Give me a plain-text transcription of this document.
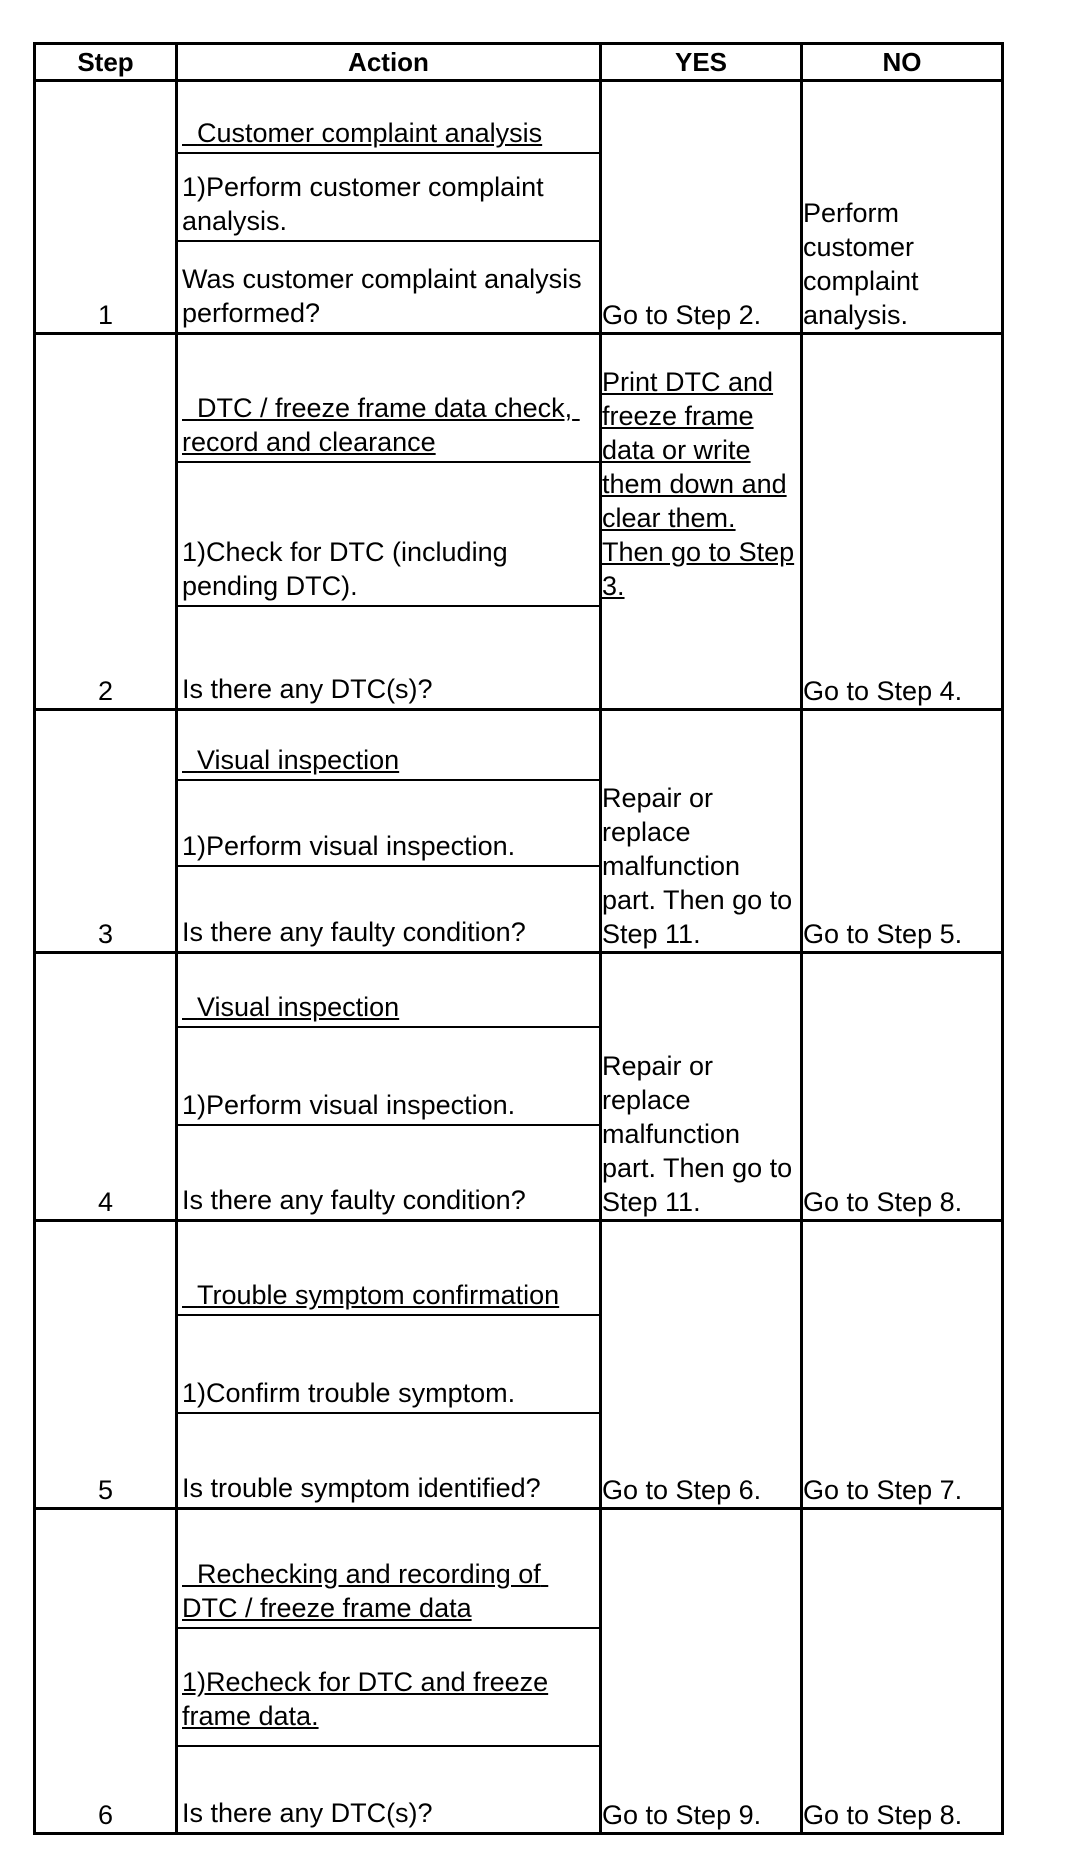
Step	Action	YES	NO
1	Customer complaint analysis
1)Perform customer complaint analysis.
Was customer complaint analysis performed?	Go to Step 2.	Perform customer complaint analysis.
2	DTC / freeze frame data check, record and clearance
1)Check for DTC (including pending DTC).
Is there any DTC(s)?	Print DTC and freeze frame data or write them down and clear them. Then go to Step 3.	Go to Step 4.
3	Visual inspection
1)Perform visual inspection.
Is there any faulty condition?	Repair or replace malfunction part. Then go to Step 11.	Go to Step 5.
4	Visual inspection
1)Perform visual inspection.
Is there any faulty condition?	Repair or replace malfunction part. Then go to Step 11.	Go to Step 8.
5	Trouble symptom confirmation
1)Confirm trouble symptom.
Is trouble symptom identified?	Go to Step 6.	Go to Step 7.
6	Rechecking and recording of DTC / freeze frame data
1)Recheck for DTC and freeze frame data.
Is there any DTC(s)?	Go to Step 9.	Go to Step 8.
